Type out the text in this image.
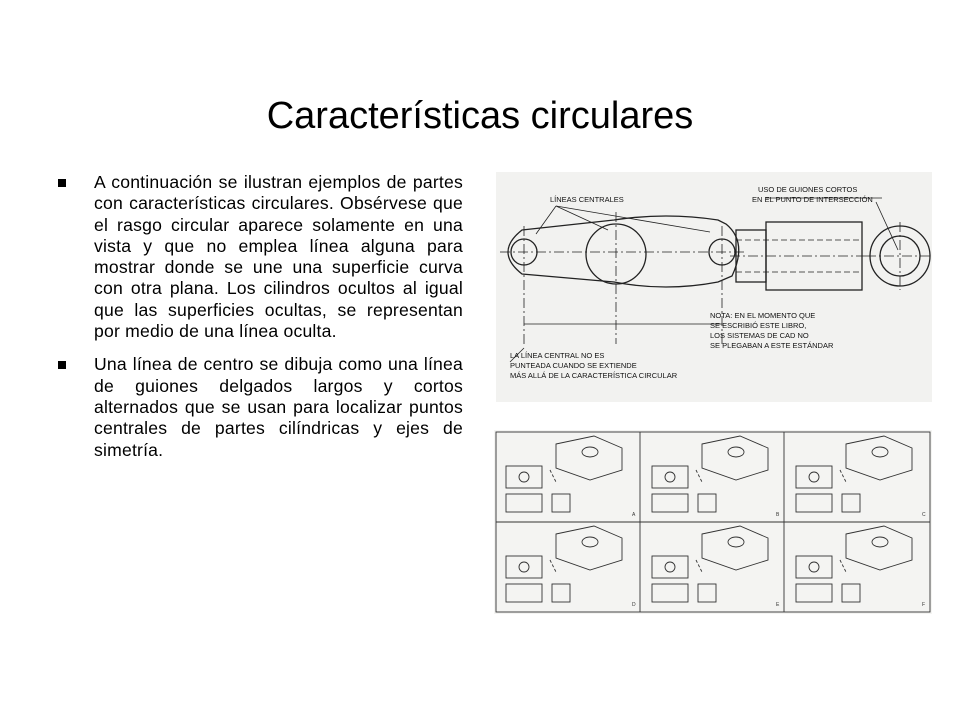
Características circulares
A continuación se ilustran ejemplos de partes con características circulares. Obsérvese que el rasgo circular aparece solamente en una vista y que no emplea línea alguna para mostrar donde se une una superficie curva con otra plana. Los cilindros ocultos al igual que las superficies ocultas, se representan por medio de una línea oculta.
Una línea de centro se dibuja como una línea de guiones delgados largos y cortos alternados que se usan para localizar puntos centrales de partes cilíndricas y ejes de simetría.
LÍNEAS CENTRALES
USO DE GUIONES CORTOS
EN EL PUNTO DE INTERSECCIÓN
NOTA: EN EL MOMENTO QUE
SE ESCRIBIÓ ESTE LIBRO,
LOS SISTEMAS DE CAD NO
SE PLEGABAN A ESTE ESTÁNDAR
LA LÍNEA CENTRAL NO ES
PUNTEADA CUANDO SE EXTIENDE
MÁS ALLÁ DE LA CARACTERÍSTICA CIRCULAR
A	B	C
D	E	F
